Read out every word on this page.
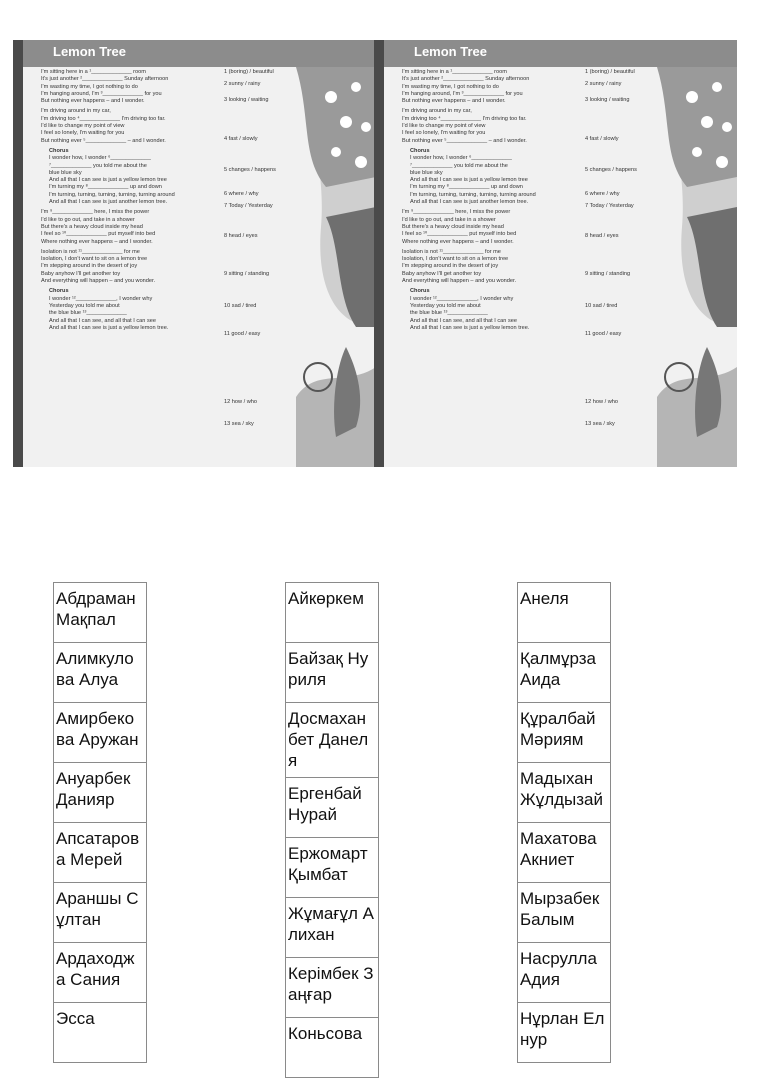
Lemon Tree
I'm sitting here in a ¹_____________ room
It's just another ²_____________ Sunday afternoon
I'm wasting my time, I got nothing to do
I'm hanging around, I'm ³_____________ for you
But nothing ever happens – and I wonder.
I'm driving around in my car,
I'm driving too ⁴_____________ I'm driving too far.
I'd like to change my point of view
I feel so lonely, I'm waiting for you
But nothing ever ⁵_____________ – and I wonder.
Chorus
I wonder how, I wonder ⁶_____________
⁷_____________ you told me about the
blue blue sky
And all that I can see is just a yellow lemon tree
I'm turning my ⁸_____________ up and down
I'm turning, turning, turning, turning, turning around
And all that I can see is just another lemon tree.
I'm ⁹_____________ here, I miss the power
I'd like to go out, and take in a shower
But there's a heavy cloud inside my head
I feel so ¹⁰_____________ put myself into bed
Where nothing ever happens – and I wonder.
Isolation is not ¹¹_____________ for me
Isolation, I don't want to sit on a lemon tree
I'm stepping around in the desert of joy
Baby anyhow I'll get another toy
And everything will happen – and you wonder.
Chorus
I wonder ¹²_____________, I wonder why
Yesterday you told me about
the blue blue ¹³_____________
And all that I can see, and all that I can see
And all that I can see is just a yellow lemon tree.
1 (boring) / beautiful
2 sunny / rainy
3 looking / waiting
4 fast / slowly
5 changes / happens
6 where / why
7 Today / Yesterday
8 head / eyes
9 sitting / standing
10 sad / tired
11 good / easy
12 how / who
13 sea / sky
Lemon Tree
I'm sitting here in a ¹_____________ room
It's just another ²_____________ Sunday afternoon
I'm wasting my time, I got nothing to do
I'm hanging around, I'm ³_____________ for you
But nothing ever happens – and I wonder.
I'm driving around in my car,
I'm driving too ⁴_____________ I'm driving too far.
I'd like to change my point of view
I feel so lonely, I'm waiting for you
But nothing ever ⁵_____________ – and I wonder.
Chorus
I wonder how, I wonder ⁶_____________
⁷_____________ you told me about the
blue blue sky
And all that I can see is just a yellow lemon tree
I'm turning my ⁸_____________ up and down
I'm turning, turning, turning, turning, turning around
And all that I can see is just another lemon tree.
I'm ⁹_____________ here, I miss the power
I'd like to go out, and take in a shower
But there's a heavy cloud inside my head
I feel so ¹⁰_____________ put myself into bed
Where nothing ever happens – and I wonder.
Isolation is not ¹¹_____________ for me
Isolation, I don't want to sit on a lemon tree
I'm stepping around in the desert of joy
Baby anyhow I'll get another toy
And everything will happen – and you wonder.
Chorus
I wonder ¹²_____________, I wonder why
Yesterday you told me about
the blue blue ¹³_____________
And all that I can see, and all that I can see
And all that I can see is just a yellow lemon tree.
1 (boring) / beautiful
2 sunny / rainy
3 looking / waiting
4 fast / slowly
5 changes / happens
6 where / why
7 Today / Yesterday
8 head / eyes
9 sitting / standing
10 sad / tired
11 good / easy
12 how / who
13 sea / sky
Абдраман Мақпал
Алимкуло ва Алуа
Амирбеко ва Аружан
Ануарбек Данияр
Апсатаров а Мерей
Араншы Сұлтан
Ардаходж а Сания
Эсса
Айкөркем
Байзақ Нуриля
Досмахан бет Данеля
Ергенбай Нурай
Ержомарт Қымбат
Жұмағұл Алихан
Керімбек Заңғар
Коньсова
Анеля
Қалмұрза Аида
Құралбай Мәриям
Мадыхан Жұлдызай
Махатова Акниет
Мырзабек Балым
Насрулла Адия
Нұрлан Елнур
